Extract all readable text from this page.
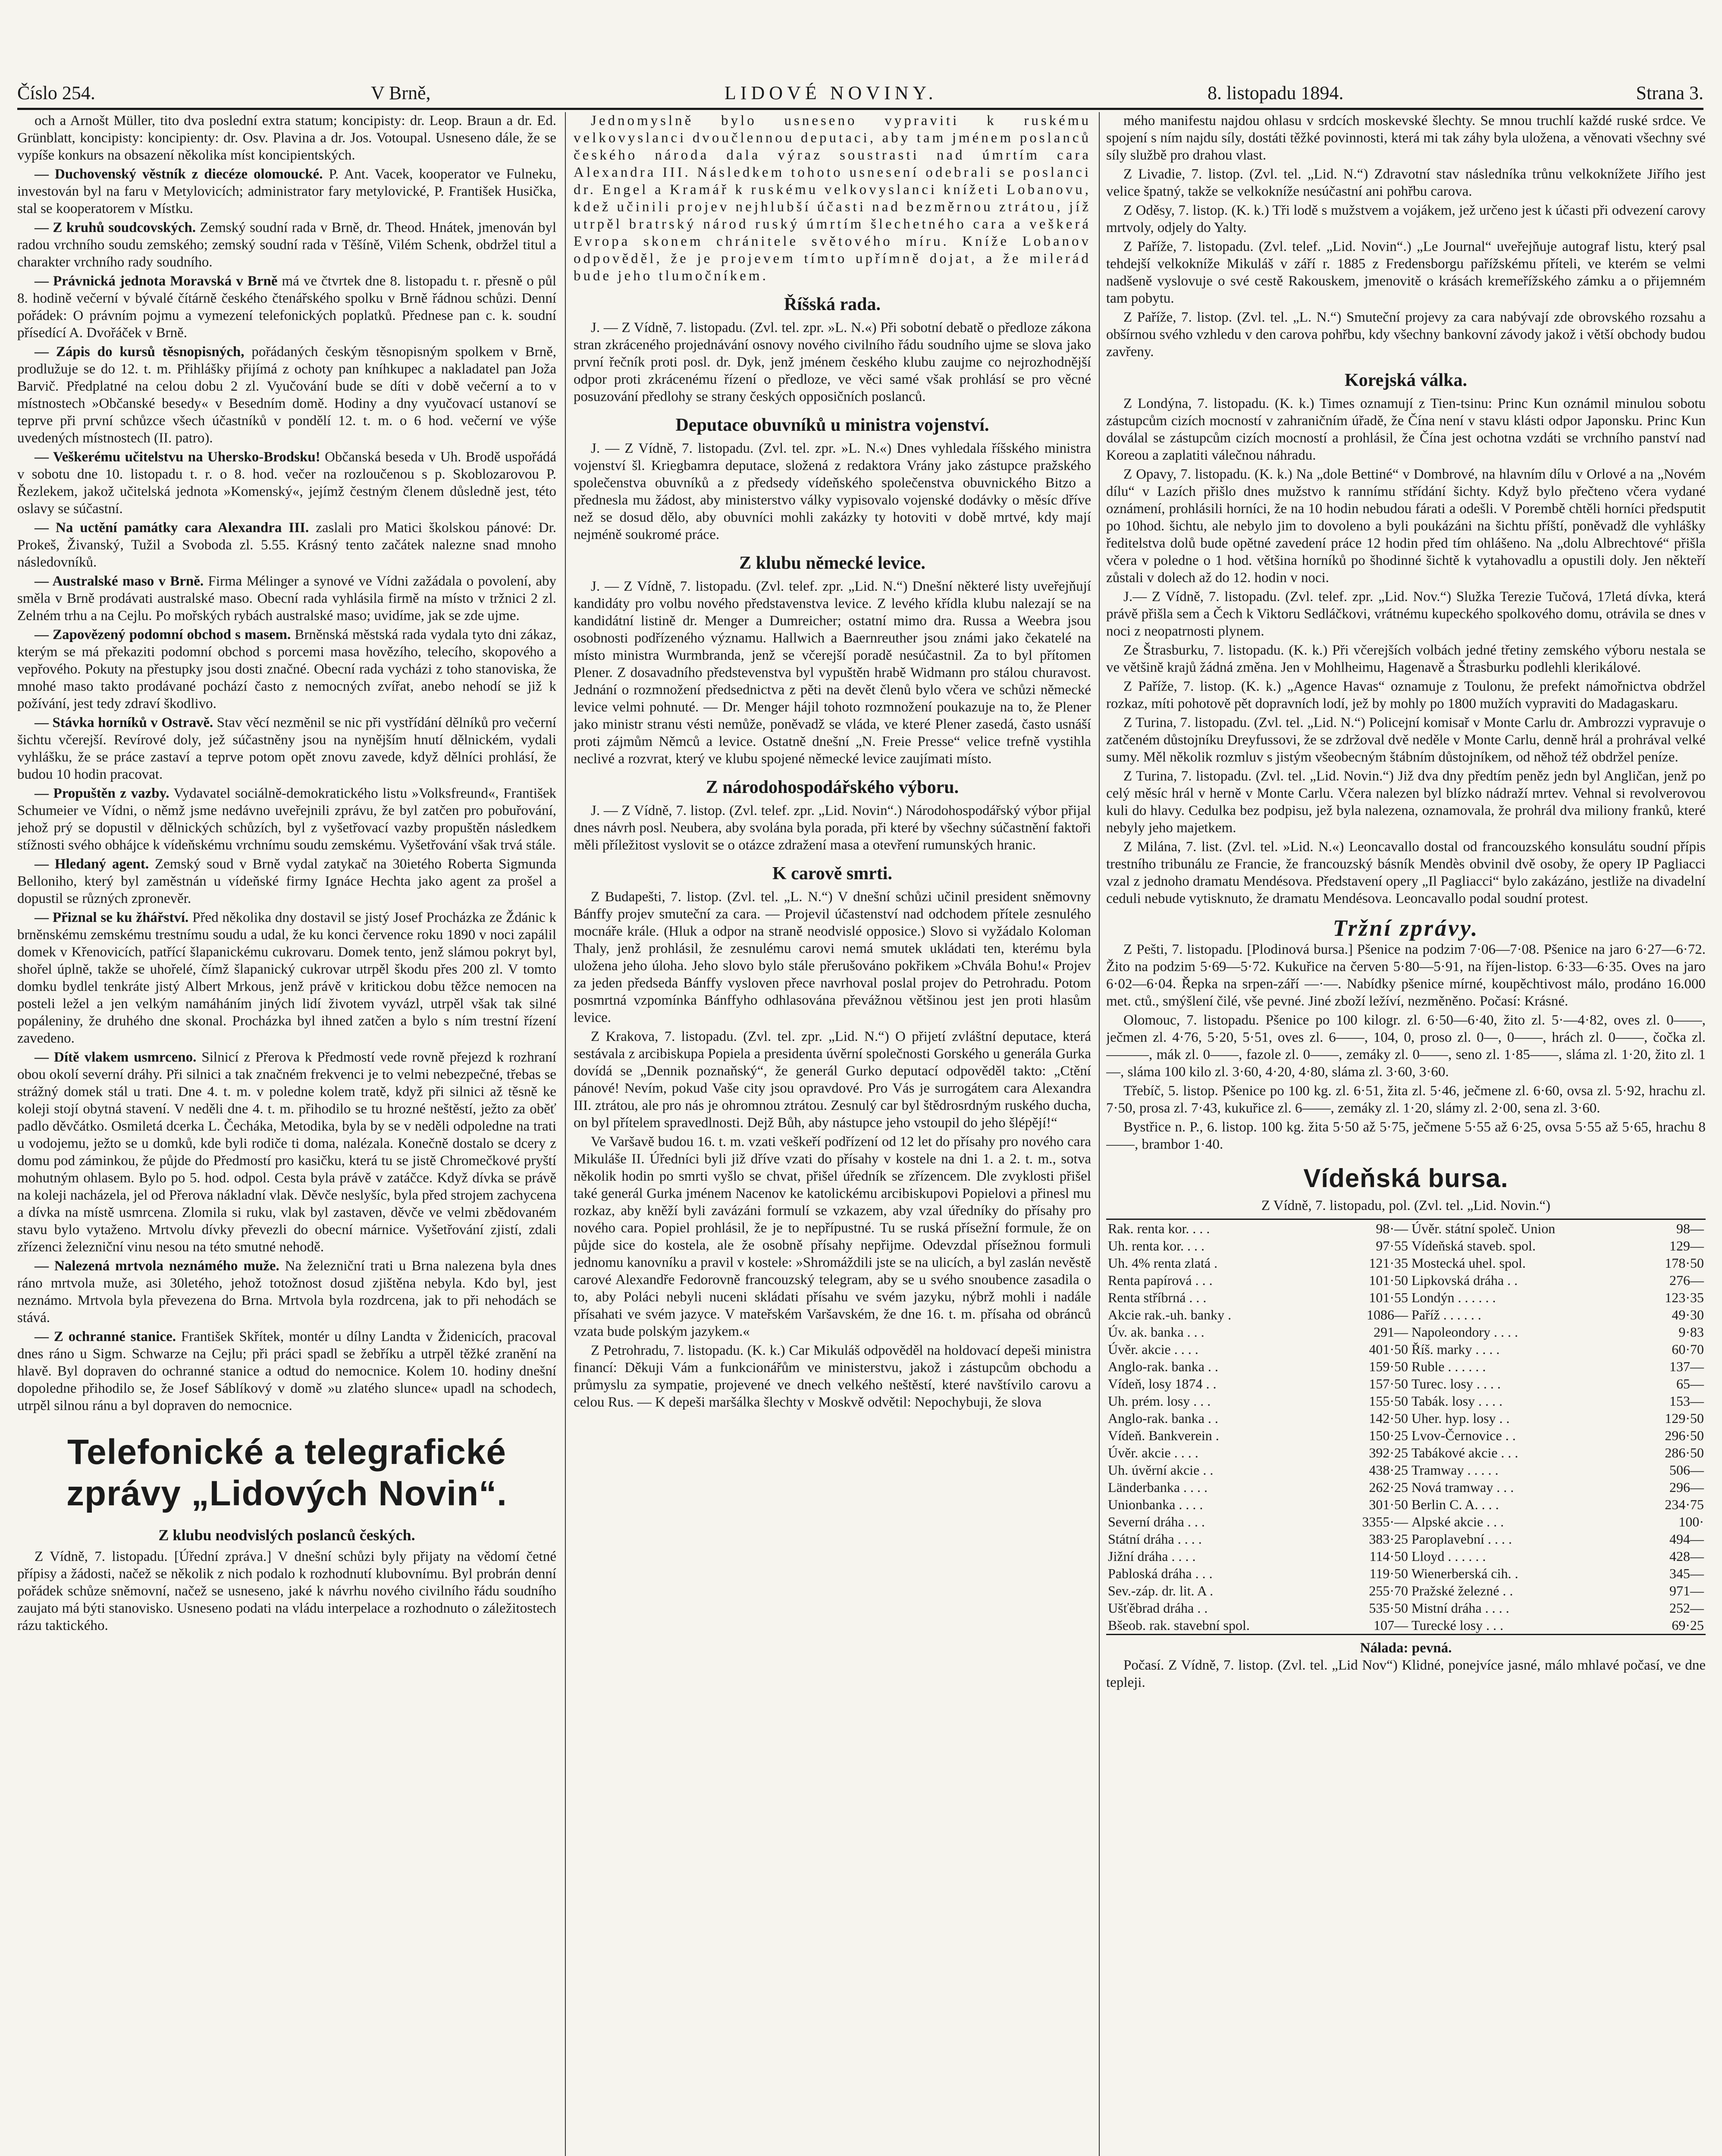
Číslo 254.	V Brně,	LIDOVÉ NOVINY.	8. listopadu 1894.	Strana 3.

och a Arnošt Müller, tito dva poslední extra statum; koncipisty: dr. Leop. Braun a dr. Ed. Grünblatt, koncipisty: koncipienty: dr. Osv. Plavina a dr. Jos. Votoupal. Usneseno dále, že se vypíše konkurs na obsazení několika míst koncipientských.

— Duchovenský věstník z diecéze olomoucké. P. Ant. Vacek, kooperator ve Fulneku, investován byl na faru v Metylovicích; administrator fary metylovické, P. František Husička, stal se kooperatorem v Místku.

— Z kruhů soudcovských. Zemský soudní rada v Brně, dr. Theod. Hnátek, jmenován byl radou vrchního soudu zemského; zemský soudní rada v Těšíně, Vilém Schenk, obdržel titul a charakter vrchního rady soudního.

— Právnická jednota Moravská v Brně má ve čtvrtek dne 8. listopadu t. r. přesně o půl 8. hodině večerní v bývalé čítárně českého čtenářského spolku v Brně řádnou schůzi. Denní pořádek: O právním pojmu a vymezení telefonických poplatků. Přednese pan c. k. soudní přísedící A. Dvořáček v Brně.

— Zápis do kursů těsnopisných, pořádaných českým těsnopisným spolkem v Brně, prodlužuje se do 12. t. m. Přihlášky přijímá z ochoty pan kníhkupec a nakladatel pan Joža Barvič. Předplatné na celou dobu 2 zl. Vyučování bude se díti v době večerní a to v místnostech »Občanské besedy« v Besedním domě. Hodiny a dny vyučovací ustanoví se teprve při první schůzce všech účastníků v pondělí 12. t. m. o 6 hod. večerní ve výše uvedených místnostech (II. patro).

— Veškerému učitelstvu na Uhersko-Brodsku! Občanská beseda v Uh. Brodě uspořádá v sobotu dne 10. listopadu t. r. o 8. hod. večer na rozloučenou s p. Skoblozarovou P. Řezlekem, jakož učitelská jednota »Komenský«, jejímž čestným členem důsledně jest, této oslavy se súčastní.

— Na uctění památky cara Alexandra III. zaslali pro Matici školskou pánové: Dr. Prokeš, Živanský, Tužil a Svoboda zl. 5.55. Krásný tento začátek nalezne snad mnoho následovníků.

— Australské maso v Brně. Firma Mélinger a synové ve Vídni zažádala o povolení, aby směla v Brně prodávati australské maso. Obecní rada vyhlásila firmě na místo v tržnici 2 zl. Zelném trhu a na Cejlu. Po mořských rybách australské maso; uvidíme, jak se zde ujme.

— Zapovězený podomní obchod s masem. Brněnská městská rada vydala tyto dni zákaz, kterým se má překaziti podomní obchod s porcemi masa hovězího, telecího, skopového a vepřového. Pokuty na přestupky jsou dosti značné. Obecní rada vycházi z toho stanoviska, že mnohé maso takto prodávané pochází často z nemocných zvířat, anebo nehodí se již k požívání, jest tedy zdraví škodlivo.

— Stávka horníků v Ostravě. Stav věcí nezměnil se nic při vystřídání dělníků pro večerní šichtu včerejší. Revírové doly, jež súčastněny jsou na nynějším hnutí dělnickém, vydali vyhlášku, že se práce zastaví a teprve potom opět znovu zavede, když dělníci prohlásí, že budou 10 hodin pracovat.

— Propuštěn z vazby. Vydavatel sociálně-demokratického listu »Volksfreund«, František Schumeier ve Vídni, o němž jsme nedávno uveřejnili zprávu, že byl zatčen pro pobuřování, jehož prý se dopustil v dělnických schůzích, byl z vyšetřovací vazby propuštěn následkem stížnosti svého obhájce k vídeňskému vrchnímu soudu zemskému. Vyšetřování však trvá stále.

— Hledaný agent. Zemský soud v Brně vydal zatykač na 30ietého Roberta Sigmunda Belloniho, který byl zaměstnán u vídeňské firmy Ignáce Hechta jako agent za prošel a dopustil se různých zpronevěr.

— Přiznal se ku žhářství. Před několika dny dostavil se jistý Josef Procházka ze Ždánic k brněnskému zemskému trestnímu soudu a udal, že ku konci července roku 1890 v noci zapálil domek v Křenovicích, patřící šlapanickému cukrovaru. Domek tento, jenž slámou pokryt byl, shořel úplně, takže se uhořelé, čímž šlapanický cukrovar utrpěl škodu přes 200 zl. V tomto domku bydlel tenkráte jistý Albert Mrkous, jenž právě v kritickou dobu těžce nemocen na posteli ležel a jen velkým namáháním jiných lidí životem vyvázl, utrpěl však tak silné popáleniny, že druhého dne skonal. Procházka byl ihned zatčen a bylo s ním trestní řízení zavedeno.

— Dítě vlakem usmrceno. Silnicí z Přerova k Předmostí vede rovně přejezd k rozhraní obou okolí severní dráhy. Při silnici a tak značném frekvenci je to velmi nebezpečné, třebas se strážný domek stál u trati. Dne 4. t. m. v poledne kolem tratě, když při silnici až těsně ke koleji stojí obytná stavení. V neděli dne 4. t. m. přihodilo se tu hrozné neštěstí, ježto za oběť padlo děvčátko. Osmiletá dcerka L. Čecháka, Metodika, byla by se v neděli odpoledne na trati u vodojemu, ježto se u domků, kde byli rodiče ti doma, nalézala. Konečně dostalo se dcery z domu pod záminkou, že půjde do Předmostí pro kasičku, která tu se jistě Chromečkové pryští mohutným ohlasem. Bylo po 5. hod. odpol. Cesta byla právě v zatáčce. Když dívka se právě na koleji nacházela, jel od Přerova nákladní vlak. Děvče neslyšíc, byla před strojem zachycena a dívka na místě usmrcena. Zlomila si ruku, vlak byl zastaven, děvče ve velmi zbědovaném stavu bylo vytaženo. Mrtvolu dívky převezli do obecní márnice. Vyšetřování zjistí, zdali zřízenci železniční vinu nesou na této smutné nehodě.

— Nalezená mrtvola neznámého muže. Na železniční trati u Brna nalezena byla dnes ráno mrtvola muže, asi 30letého, jehož totožnost dosud zjištěna nebyla. Kdo byl, jest neznámo. Mrtvola byla převezena do Brna. Mrtvola byla rozdrcena, jak to při nehodách se stává.

— Z ochranné stanice. František Skřítek, montér u dílny Landta v Židenicích, pracoval dnes ráno u Sigm. Schwarze na Cejlu; při práci spadl se žebříku a utrpěl těžké zranění na hlavě. Byl dopraven do ochranné stanice a odtud do nemocnice. Kolem 10. hodiny dnešní dopoledne přihodilo se, že Josef Sáblíkový v domě »u zlatého slunce« upadl na schodech, utrpěl silnou ránu a byl dopraven do nemocnice.

Telefonické a telegrafické zprávy „Lidových Novin“.
Z klubu neodvislých poslanců českých.

Z Vídně, 7. listopadu. [Úřední zpráva.] V dnešní schůzi byly přijaty na vědomí četné přípisy a žádosti, načež se několik z nich podalo k rozhodnutí klubovnímu. Byl probrán denní pořádek schůze sněmovní, načež se usneseno, jaké k návrhu nového civilního řádu soudního zaujato má býti stanovisko. Usneseno podati na vládu interpelace a rozhodnuto o záležitostech rázu taktického.

Jednomyslně bylo usneseno vypraviti k ruskému velkovyslanci dvoučlennou deputaci, aby tam jménem poslanců českého národa dala výraz soustrasti nad úmrtím cara Alexandra III. Následkem tohoto usnesení odebrali se poslanci dr. Engel a Kramář k ruskému velkovyslanci knížeti Lobanovu, kdež učinili projev nejhlubší účasti nad bezměrnou ztrátou, jíž utrpěl bratrský národ ruský úmrtím šlechetného cara a veškerá Evropa skonem chránitele světového míru. Kníže Lobanov odpověděl, že je projevem tímto upřímně dojat, a že milerád bude jeho tlumočníkem.

Říšská rada.

J. — Z Vídně, 7. listopadu. (Zvl. tel. zpr. »L. N.«) Při sobotní debatě o předloze zákona stran zkráceného projednávání osnovy nového civilního řádu soudního ujme se slova jako první řečník proti posl. dr. Dyk, jenž jménem českého klubu zaujme co nejrozhodnější odpor proti zkrácenému řízení o předloze, ve věci samé však prohlásí se pro věcné posuzování předlohy se strany českých opposičních poslanců.

Deputace obuvníků u ministra vojenství.

J. — Z Vídně, 7. listopadu. (Zvl. tel. zpr. »L. N.«) Dnes vyhledala říšského ministra vojenství šl. Kriegbamra deputace, složená z redaktora Vrány jako zástupce pražského společenstva obuvníků a z předsedy vídeňského společenstva obuvnického Bitzo a přednesla mu žádost, aby ministerstvo války vypisovalo vojenské dodávky o měsíc dříve než se dosud dělo, aby obuvníci mohli zakázky ty hotoviti v době mrtvé, kdy mají nejméně soukromé práce.

Z klubu německé levice.

J. — Z Vídně, 7. listopadu. (Zvl. telef. zpr. „Lid. N.“) Dnešní některé listy uveřejňují kandidáty pro volbu nového představenstva levice. Z levého křídla klubu nalezají se na kandidátní listině dr. Menger a Dumreicher; ostatní mimo dra. Russa a Weebra jsou osobnosti podřízeného významu. Hallwich a Baernreuther jsou známi jako čekatelé na místo ministra Wurmbranda, jenž se včerejší poradě nesúčastnil. Za to byl přítomen Plener. Z dosavadního předstevenstva byl vypuštěn hrabě Widmann pro stálou churavost. Jednání o rozmnožení předsednictva z pěti na devět členů bylo včera ve schůzi německé levice velmi pohnuté. — Dr. Menger hájil tohoto rozmnožení poukazuje na to, že Plener jako ministr stranu vésti nemůže, poněvadž se vláda, ve které Plener zasedá, často usnáší proti zájmům Němců a levice. Ostatně dnešní „N. Freie Presse“ velice trefně vystihla neclivé a rozvrat, který ve klubu spojené německé levice zaujímati místo.

Z národohospodářského výboru.

J. — Z Vídně, 7. listop. (Zvl. telef. zpr. „Lid. Novin“.) Národohospodářský výbor přijal dnes návrh posl. Neubera, aby svolána byla porada, při které by všechny súčastnění faktoři měli příležitost vyslovit se o otázce zdražení masa a otevření rumunských hranic.

K carově smrti.

Z Budapešti, 7. listop. (Zvl. tel. „L. N.“) V dnešní schůzi učinil president sněmovny Bánffy projev smuteční za cara. — Projevil účastenství nad odchodem přítele zesnulého mocnáře krále. (Hluk a odpor na straně neodvislé opposice.) Slovo si vyžádalo Koloman Thaly, jenž prohlásil, že zesnulému carovi nemá smutek ukládati ten, kterému byla uložena jeho úloha. Jeho slovo bylo stále přerušováno pokřikem »Chvála Bohu!« Projev za jeden předseda Bánffy vysloven přece navrhoval poslal projev do Petrohradu. Potom posmrtná vzpomínka Bánffyho odhlasována převážnou většinou jest jen proti hlasům levice.

Z Krakova, 7. listopadu. (Zvl. tel. zpr. „Lid. N.“) O přijetí zvláštní deputace, která sestávala z arcibiskupa Popiela a presidenta úvěrní společnosti Gorského u generála Gurka dovídá se „Dennik poznaňský“, že generál Gurko deputací odpověděl takto: „Ctění pánové! Nevím, pokud Vaše city jsou opravdové. Pro Vás je surrogátem cara Alexandra III. ztrátou, ale pro nás je ohromnou ztrátou. Zesnulý car byl štědrosrdným ruského ducha, on byl přítelem spravedlnosti. Dejž Bůh, aby nástupce jeho vstoupil do jeho šlépějí!“

Ve Varšavě budou 16. t. m. vzati veškeří podřízení od 12 let do přísahy pro nového cara Mikuláše II. Úředníci byli již dříve vzati do přísahy v kostele na dni 1. a 2. t. m., sotva několik hodin po smrti vyšlo se chvat, přišel úředník se zřízencem. Dle zvyklosti přišel také generál Gurka jménem Nacenov ke katolickému arcibiskupovi Popielovi a přinesl mu rozkaz, aby kněží byli zavázáni formulí se vzkazem, aby vzal úředníky do přísahy pro nového cara. Popiel prohlásil, že je to nepřípustné. Tu se ruská přísežní formule, že on půjde sice do kostela, ale že osobně přísahy nepřijme. Odevzdal přísežnou formuli jednomu kanovníku a pravil v kostele: »Shromáždili jste se na ulicích, a byl zaslán nevěstě carové Alexandře Fedorovně francouzský telegram, aby se u svého snoubence zasadila o to, aby Poláci nebyli nuceni skládati přísahu ve svém jazyku, nýbrž mohli i nadále přísahati ve svém jazyce. V mateřském Varšavském, že dne 16. t. m. přísaha od obránců vzata bude polským jazykem.«

Z Petrohradu, 7. listopadu. (K. k.) Car Mikuláš odpověděl na holdovací depeši ministra financí: Děkuji Vám a funkcionářům ve ministerstvu, jakož i zástupcům obchodu a průmyslu za sympatie, projevené ve dnech velkého neštěstí, které navštívilo carovu a celou Rus. — K depeši maršálka šlechty v Moskvě odvětil: Nepochybuji, že slova

mého manifestu najdou ohlasu v srdcích moskevské šlechty. Se mnou truchlí každé ruské srdce. Ve spojení s ním najdu síly, dostáti těžké povinnosti, která mi tak záhy byla uložena, a věnovati všechny své síly službě pro drahou vlast.

Z Livadie, 7. listop. (Zvl. tel. „Lid. N.“) Zdravotní stav následníka trůnu velkoknížete Jiřího jest velice špatný, takže se velkokníže nesúčastní ani pohřbu carova.

Z Oděsy, 7. listop. (K. k.) Tři lodě s mužstvem a vojákem, jež určeno jest k účasti při odvezení carovy mrtvoly, odjely do Yalty.

Z Paříže, 7. listopadu. (Zvl. telef. „Lid. Novin“.) „Le Journal“ uveřejňuje autograf listu, který psal tehdejší velkokníže Mikuláš v září r. 1885 z Fredensborgu pařížskému příteli, ve kterém se velmi nadšeně vyslovuje o své cestě Rakouskem, jmenovitě o krásách kremeřížského zámku a o přijemném tam pobytu.

Z Paříže, 7. listop. (Zvl. tel. „L. N.“) Smuteční projevy za cara nabývají zde obrovského rozsahu a obšírnou svého vzhledu v den carova pohřbu, kdy všechny bankovní závody jakož i větší obchody budou zavřeny.

Korejská válka.

Z Londýna, 7. listopadu. (K. k.) Times oznamují z Tien-tsinu: Princ Kun oznámil minulou sobotu zástupcům cizích mocností v zahraničním úřadě, že Čína není v stavu klásti odpor Japonsku. Princ Kun doválal se zástupcům cizích mocností a prohlásil, že Čína jest ochotna vzdáti se vrchního panství nad Koreou a zaplatiti válečnou náhradu.

Z Opavy, 7. listopadu. (K. k.) Na „dole Bettiné“ v Dombrové, na hlavním dílu v Orlové a na „Novém dílu“ v Lazích přišlo dnes mužstvo k rannímu střídání šichty. Když bylo přečteno včera vydané oznámení, prohlásili horníci, že na 10 hodin nebudou fárati a odešli. V Porembě chtěli horníci předsputit po 10hod. šichtu, ale nebylo jim to dovoleno a byli poukázáni na šichtu příští, poněvadž dle vyhlášky ředitelstva dolů bude opětné zavedení práce 12 hodin před tím ohlášeno. Na „dolu Albrechtové“ přišla včera v poledne o 1 hod. většina horníků po šhodinné šichtě k vytahovadlu a opustili doly. Jen někteří zůstali v dolech až do 12. hodin v noci.

J.— Z Vídně, 7. listopadu. (Zvl. telef. zpr. „Lid. Nov.“) Služka Terezie Tučová, 17letá dívka, která právě přišla sem a Čech k Viktoru Sedláčkovi, vrátnému kupeckého spolkového domu, otrávila se dnes v noci z neopatrnosti plynem.

Ze Štrasburku, 7. listopadu. (K. k.) Při včerejších volbách jedné třetiny zemského výboru nestala se ve většině krajů žádná změna. Jen v Mohlheimu, Hagenavě a Štrasburku podlehli klerikálové.

Z Paříže, 7. listop. (K. k.) „Agence Havas“ oznamuje z Toulonu, že prefekt námořnictva obdržel rozkaz, míti pohotově pět dopravních lodí, jež by mohly po 1800 mužích vypraviti do Madagaskaru.

Z Turina, 7. listopadu. (Zvl. tel. „Lid. N.“) Policejní komisař v Monte Carlu dr. Ambrozzi vypravuje o zatčeném důstojníku Dreyfussovi, že se zdržoval dvě neděle v Monte Carlu, denně hrál a prohrával velké sumy. Měl několik rozmluv s jistým všeobecným štábním důstojníkem, od něhož též obdržel peníze.

Z Turina, 7. listopadu. (Zvl. tel. „Lid. Novin.“) Již dva dny předtím peněz jedn byl Angličan, jenž po celý měsíc hrál v herně v Monte Carlu. Včera nalezen byl blízko nádraží mrtev. Vehnal si revolverovou kuli do hlavy. Cedulka bez podpisu, jež byla nalezena, oznamovala, že prohrál dva miliony franků, které nebyly jeho majetkem.

Z Milána, 7. list. (Zvl. tel. »Lid. N.«) Leoncavallo dostal od francouzského konsulátu soudní přípis trestního tribunálu ze Francie, že francouzský básník Mendès obvinil dvě osoby, že opery IP Pagliacci vzal z jednoho dramatu Mendésova. Představení opery „Il Pagliacci“ bylo zakázáno, jestliže na divadelní ceduli nebude vytisknuto, že dramatu Mendésova. Leoncavallo podal soudní protest.

Tržní zprávy.

Z Pešti, 7. listopadu. [Plodinová bursa.] Pšenice na podzim 7·06—7·08. Pšenice na jaro 6·27—6·72. Žito na podzim 5·69—5·72. Kukuřice na červen 5·80—5·91, na říjen-listop. 6·33—6·35. Oves na jaro 6·02—6·04. Řepka na srpen-září —·—. Nabídky pšenice mírné, koupěchtivost málo, prodáno 16.000 met. ctů., smýšlení čilé, vše pevné. Jiné zboží ležíví, nezměněno. Počasí: Krásné.

Olomouc, 7. listopadu. Pšenice po 100 kilogr. zl. 6·50—6·40, žito zl. 5·—4·82, oves zl. 0——, ječmen zl. 4·76, 5·20, 5·51, oves zl. 6——, 104, 0, proso zl. 0—, 0——, hrách zl. 0——, čočka zl. ———, mák zl. 0——, fazole zl. 0——, zemáky zl. 0——, seno zl. 1·85——, sláma zl. 1·20, žito zl. 1—, sláma 100 kilo zl. 3·60, 4·20, 4·80, sláma zl. 3·60, 3·60.

Třebíč, 5. listop. Pšenice po 100 kg. zl. 6·51, žita zl. 5·46, ječmene zl. 6·60, ovsa zl. 5·92, hrachu zl. 7·50, prosa zl. 7·43, kukuřice zl. 6——, zemáky zl. 1·20, slámy zl. 2·00, sena zl. 3·60.

Bystřice n. P., 6. listop. 100 kg. žita 5·50 až 5·75, ječmene 5·55 až 6·25, ovsa 5·55 až 5·65, hrachu 8——, brambor 1·40.

Vídeňská bursa.
Z Vídně, 7. listopadu, pol. (Zvl. tel. „Lid. Novin.“)
Rak. renta kor. . . .	98·—	Úvěr. státní společ. Union	98—
Uh. renta kor. . . .	97·55	Vídeňská staveb. spol.	129—
Uh. 4% renta zlatá .	121·35	Mostecká uhel. spol.	178·50
Renta papírová . . .	101·50	Lipkovská dráha . .	276—
Renta stříbrná . . .	101·55	Londýn . . . . . .	123·35
Akcie rak.-uh. banky .	1086—	Paříž . . . . . .	49·30
Úv. ak. banka . . .	291—	Napoleondory . . . .	9·83
Úvěr. akcie . . . .	401·50	Říš. marky . . . .	60·70
Anglo-rak. banka . .	159·50	Ruble . . . . . .	137—
Vídeň, losy 1874 . .	157·50	Turec. losy . . . .	65—
Uh. prém. losy . . .	155·50	Tabák. losy . . . .	153—
Anglo-rak. banka . .	142·50	Uher. hyp. losy . .	129·50
Vídeň. Bankverein .	150·25	Lvov-Černovice . .	296·50
Úvěr. akcie . . . .	392·25	Tabákové akcie . . .	286·50
Uh. úvěrní akcie . .	438·25	Tramway . . . . .	506—
Länderbanka . . . .	262·25	Nová tramway . . .	296—
Unionbanka . . . .	301·50	Berlin C. A. . . .	234·75
Severní dráha . . .	3355·—	Alpské akcie . . .	100·
Státní dráha . . . .	383·25	Paroplavební . . . .	494—
Jižní dráha . . . .	114·50	Lloyd . . . . . .	428—
Pabloská dráha . . .	119·50	Wienerberská cih. .	345—
Sev.-záp. dr. lit. A .	255·70	Pražské železné . .	971—
Ušťěbrad dráha . .	535·50	Mistní dráha . . . .	252—
Bšeob. rak. stavební spol.	107—	Turecké losy . . .	69·25
Nálada: pevná.

Počasí. Z Vídně, 7. listop. (Zvl. tel. „Lid Nov“) Klidné, ponejvíce jasné, málo mhlavé počasí, ve dne tepleji.
